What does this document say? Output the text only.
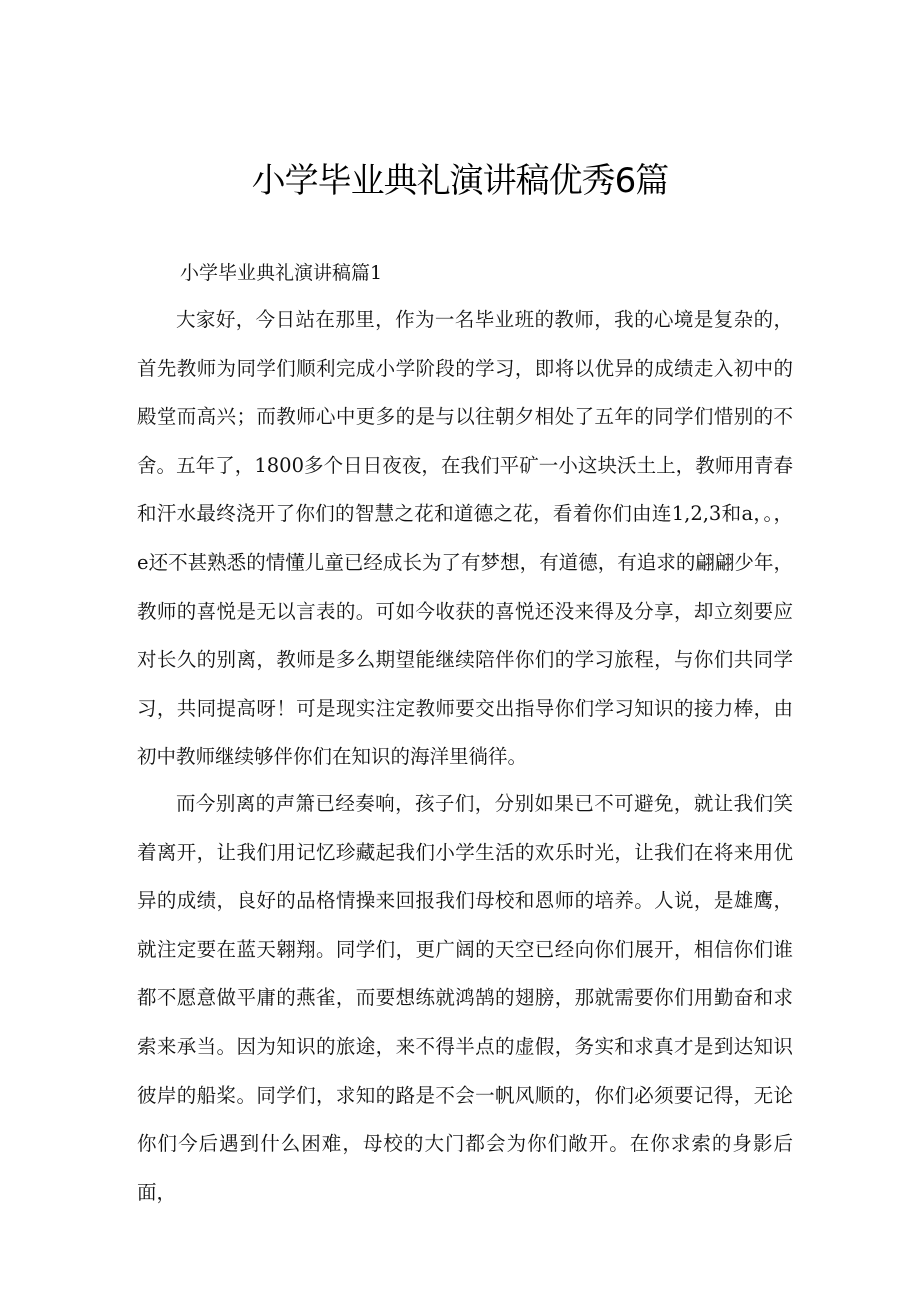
小学毕业典礼演讲稿优秀6篇
小学毕业典礼演讲稿篇1

大家好，今日站在那里，作为一名毕业班的教师，我的心境是复杂的，首先教师为同学们顺利完成小学阶段的学习，即将以优异的成绩走入初中的殿堂而高兴；而教师心中更多的是与以往朝夕相处了五年的同学们惜别的不舍。五年了，1800多个日日夜夜，在我们平矿一小这块沃土上，教师用青春和汗水最终浇开了你们的智慧之花和道德之花，看着你们由连1,2,3和a，。，e还不甚熟悉的情懂儿童已经成长为了有梦想，有道德，有追求的翩翩少年，教师的喜悦是无以言表的。可如今收获的喜悦还没来得及分享，却立刻要应对长久的别离，教师是多么期望能继续陪伴你们的学习旅程，与你们共同学习，共同提高呀！可是现实注定教师要交出指导你们学习知识的接力棒，由初中教师继续够伴你们在知识的海洋里徜徉。

而今别离的声箫已经奏响，孩子们，分别如果已不可避免，就让我们笑着离开，让我们用记忆珍藏起我们小学生活的欢乐时光，让我们在将来用优异的成绩，良好的品格情操来回报我们母校和恩师的培养。人说，是雄鹰，就注定要在蓝天翱翔。同学们，更广阔的天空已经向你们展开，相信你们谁都不愿意做平庸的燕雀，而要想练就鸿鹄的翅膀，那就需要你们用勤奋和求索来承当。因为知识的旅途，来不得半点的虚假，务实和求真才是到达知识彼岸的船桨。同学们，求知的路是不会一帆风顺的，你们必须要记得，无论你们今后遇到什么困难，母校的大门都会为你们敞开。在你求索的身影后面，
